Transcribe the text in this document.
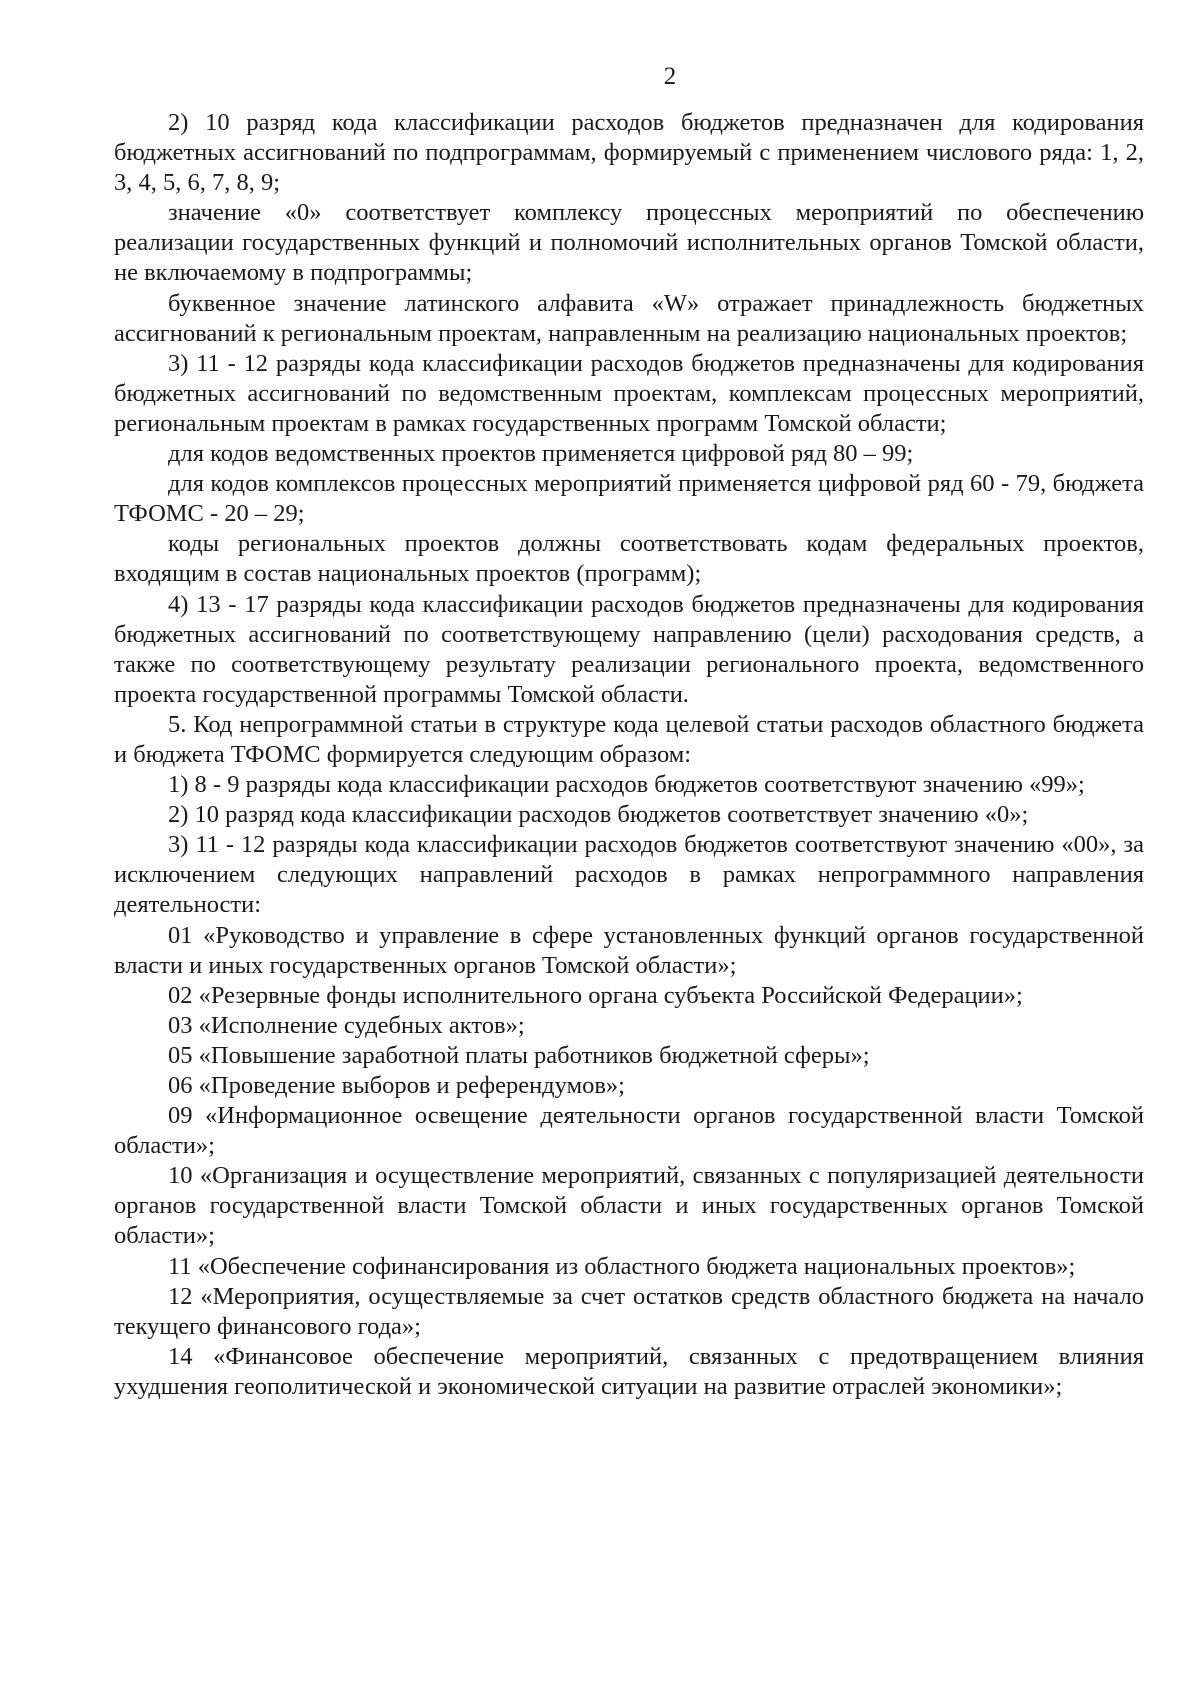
2

2) 10 разряд кода классификации расходов бюджетов предназначен для кодирования бюджетных ассигнований по подпрограммам, формируемый с применением числового ряда: 1, 2, 3, 4, 5, 6, 7, 8, 9;

значение «0» соответствует комплексу процессных мероприятий по обеспечению реализации государственных функций и полномочий исполнительных органов Томской области, не включаемому в подпрограммы;

буквенное значение латинского алфавита «W» отражает принадлежность бюджетных ассигнований к региональным проектам, направленным на реализацию национальных проектов;

3) 11 - 12 разряды кода классификации расходов бюджетов предназначены для кодирования бюджетных ассигнований по ведомственным проектам, комплексам процессных мероприятий, региональным проектам в рамках государственных программ Томской области;

для кодов ведомственных проектов применяется цифровой ряд 80 – 99;

для кодов комплексов процессных мероприятий применяется цифровой ряд 60 - 79, бюджета ТФОМС - 20 – 29;

коды региональных проектов должны соответствовать кодам федеральных проектов, входящим в состав национальных проектов (программ);

4) 13 - 17 разряды кода классификации расходов бюджетов предназначены для кодирования бюджетных ассигнований по соответствующему направлению (цели) расходования средств, а также по соответствующему результату реализации регионального проекта, ведомственного проекта государственной программы Томской области.

5. Код непрограммной статьи в структуре кода целевой статьи расходов областного бюджета и бюджета ТФОМС формируется следующим образом:

1) 8 - 9 разряды кода классификации расходов бюджетов соответствуют значению «99»;

2) 10 разряд кода классификации расходов бюджетов соответствует значению «0»;

3) 11 - 12 разряды кода классификации расходов бюджетов соответствуют значению «00», за исключением следующих направлений расходов в рамках непрограммного направления деятельности:

01 «Руководство и управление в сфере установленных функций органов государственной власти и иных государственных органов Томской области»;

02 «Резервные фонды исполнительного органа субъекта Российской Федерации»;

03 «Исполнение судебных актов»;

05 «Повышение заработной платы работников бюджетной сферы»;

06 «Проведение выборов и референдумов»;

09 «Информационное освещение деятельности органов государственной власти Томской области»;

10 «Организация и осуществление мероприятий, связанных с популяризацией деятельности органов государственной власти Томской области и иных государственных органов Томской области»;

11 «Обеспечение софинансирования из областного бюджета национальных проектов»;

12 «Мероприятия, осуществляемые за счет остатков средств областного бюджета на начало текущего финансового года»;

14 «Финансовое обеспечение мероприятий, связанных с предотвращением влияния ухудшения геополитической и экономической ситуации на развитие отраслей экономики»;
